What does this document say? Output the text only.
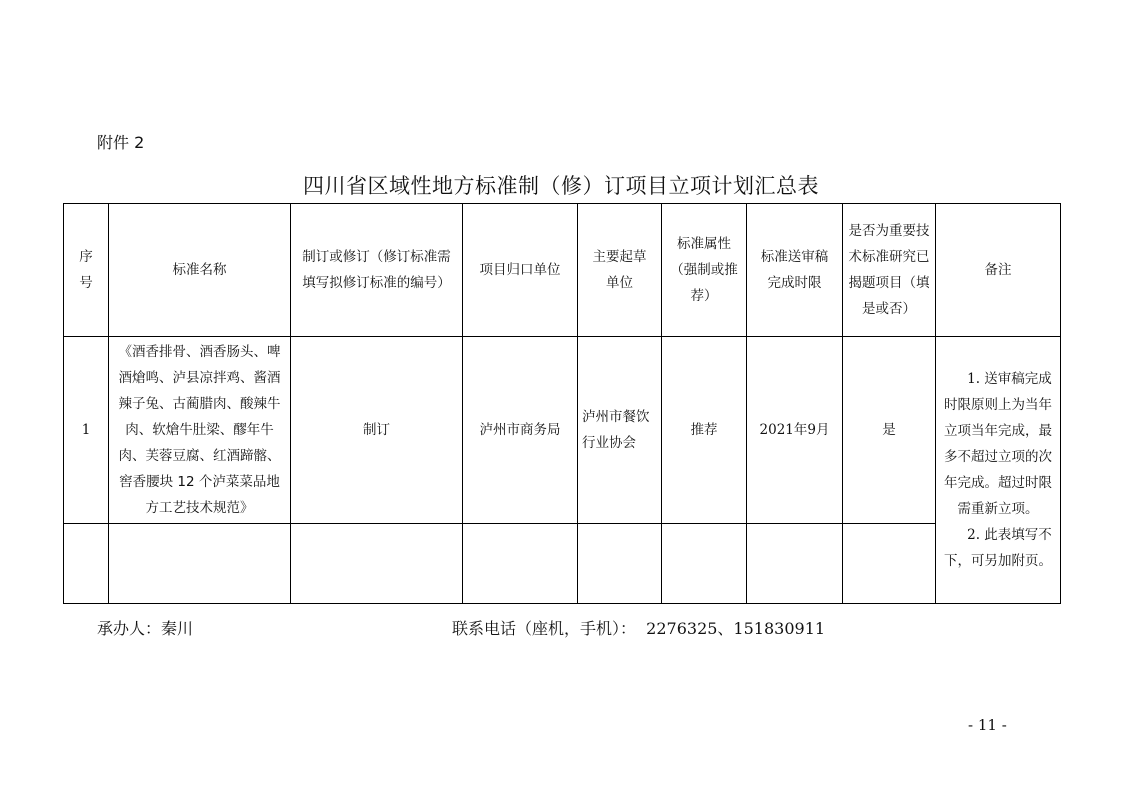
附件 2
四川省区域性地方标准制（修）订项目立项计划汇总表
序号	标准名称	制订或修订（修订标准需填写拟修订标准的编号）	项目归口单位	主要起草单位	标准属性（强制或推荐）	标准送审稿完成时限	是否为重要技术标准研究已揭题项目（填是或否）	备注
1	《酒香排骨、酒香肠头、啤酒熗鸣、泸县凉拌鸡、酱酒辣子兔、古蔺腊肉、酸辣牛肉、软熗牛肚梁、醪年牛肉、芙蓉豆腐、红酒蹄髂、窖香腰块 12 个泸菜菜品地方工艺技术规范》	制订	泸州市商务局	泸州市餐饮行业协会	推荐	2021年9月	是	1. 送审稿完成时限原则上为当年立项当年完成，最多不超过立项的次年完成。超过时限需重新立项。

2. 此表填写不下，可另加附页。

承办人：秦川	联系电话（座机，手机）：  2276325、151830911
- 11 -
